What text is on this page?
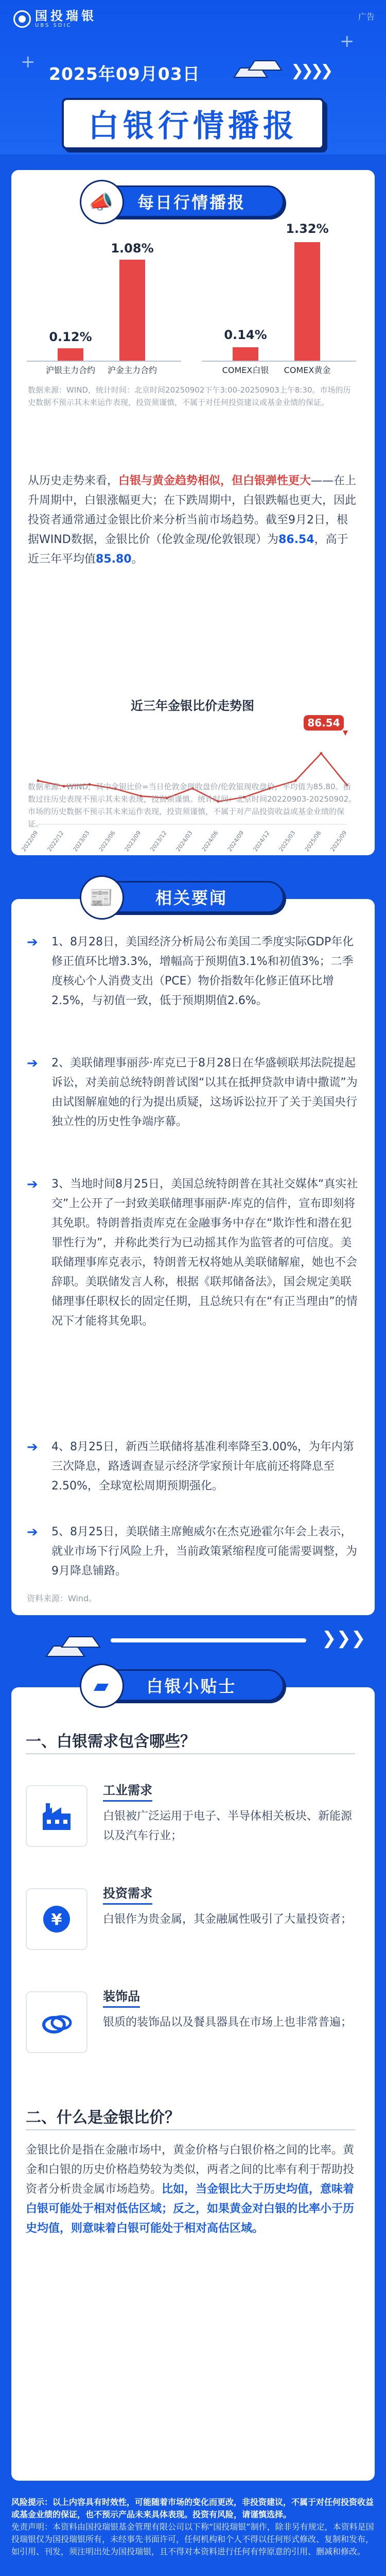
国投瑞银
UBS SDIC
广告
+
+
2025年09月03日	❯❯❯❯
白银行情播报
📣	每日行情播报
0.12%
1.08%
沪银主力合约	沪金主力合约
0.14%
1.32%
COMEX白银	COMEX黄金
数据来源：WIND，统计时间：北京时间20250902下午3:00-20250903上午8:30。市场的历史数据不预示其未来运作表现，投资须谨慎，不属于对任何投资建议或基金业绩的保证。
从历史走势来看，白银与黄金趋势相似，但白银弹性更大——在上升周期中，白银涨幅更大；在下跌周期中，白银跌幅也更大，因此投资者通常通过金银比价来分析当前市场趋势。截至9月2日，根据WIND数据，金银比价（伦敦金现/伦敦银现）为86.54，高于近三年平均值85.80。
近三年金银比价走势图
2022/09 2022/12 2023/03 2023/06 2023/09 2023/12 2024/03 2024/06 2024/09 2024/12 2025/03 2025/06 2025/09
86.54
数据来源：WIND，其中金银比价=当日伦敦金现收盘价/伦敦银现收盘价，平均值为85.80。指数过往历史表现不预示其未来表现，投资须谨慎。统计时间：北京时间20220903-20250902。市场的历史数据不预示其未来运作表现，投资须谨慎，不属于对产品投资收益或基金业绩的保证。
📰	相关要闻
➔ 1、8月28日，美国经济分析局公布美国二季度实际GDP年化修正值环比增3.3%，增幅高于预期值3.1%和初值3%；二季度核心个人消费支出（PCE）物价指数年化修正值环比增2.5%，与初值一致，低于预期期值2.6%。
➔ 2、美联储理事丽莎·库克已于8月28日在华盛顿联邦法院提起诉讼，对美前总统特朗普试图“以其在抵押贷款申请中撒谎”为由试图解雇她的行为提出质疑，这场诉讼拉开了关于美国央行独立性的历史性争端序幕。
➔ 3、当地时间8月25日，美国总统特朗普在其社交媒体“真实社交”上公开了一封致美联储理事丽萨·库克的信件，宣布即刻将其免职。特朗普指责库克在金融事务中存在“欺诈性和潜在犯罪性行为”，并称此类行为已动摇其作为监管者的可信度。美联储理事库克表示，特朗普无权将她从美联储解雇，她也不会辞职。美联储发言人称，根据《联邦储备法》，国会规定美联储理事任职权长的固定任期，且总统只有在“有正当理由”的情况下才能将其免职。
➔ 4、8月25日，新西兰联储将基准利率降至3.00%，为年内第三次降息，路透调查显示经济学家预计年底前还将降息至2.50%，全球宽松周期预期强化。
➔ 5、8月25日，美联储主席鲍威尔在杰克逊霍尔年会上表示，就业市场下行风险上升，当前政策紧缩程度可能需要调整，为9月降息铺路。
资料来源：Wind。
❯❯❯
▰	白银小贴士
一、白银需求包含哪些？
工业需求
白银被广泛运用于电子、半导体相关板块、新能源以及汽车行业；
¥
投资需求
白银作为贵金属，其金融属性吸引了大量投资者；
装饰品
银质的装饰品以及餐具器具在市场上也非常普遍；
二、什么是金银比价？
金银比价是指在金融市场中，黄金价格与白银价格之间的比率。黄金和白银的历史价格趋势较为类似，两者之间的比率有利于帮助投资者分析贵金属市场趋势。比如，当金银比大于历史均值，意味着白银可能处于相对低估区域；反之，如果黄金对白银的比率小于历史均值，则意味着白银可能处于相对高估区域。
风险提示：以上内容具有时效性，可能随着市场的变化而更改，非投资建议，不属于对任何投资收益或基金业绩的保证，也不预示产品未来具体表现。投资有风险，请谨慎选择。
免责声明：本资料由国投瑞银基金管理有限公司以下称“国投瑞银”制作，除非另有规定，本资料是国投瑞银仅为国投瑞银所有，未经事先书面许可，任何机构和个人不得以任何形式修改、复制和发布，如引用、刊发，须注明出处为国投瑞银，且不得对本资料进行任何有悖原意的引用、删减和修改。
